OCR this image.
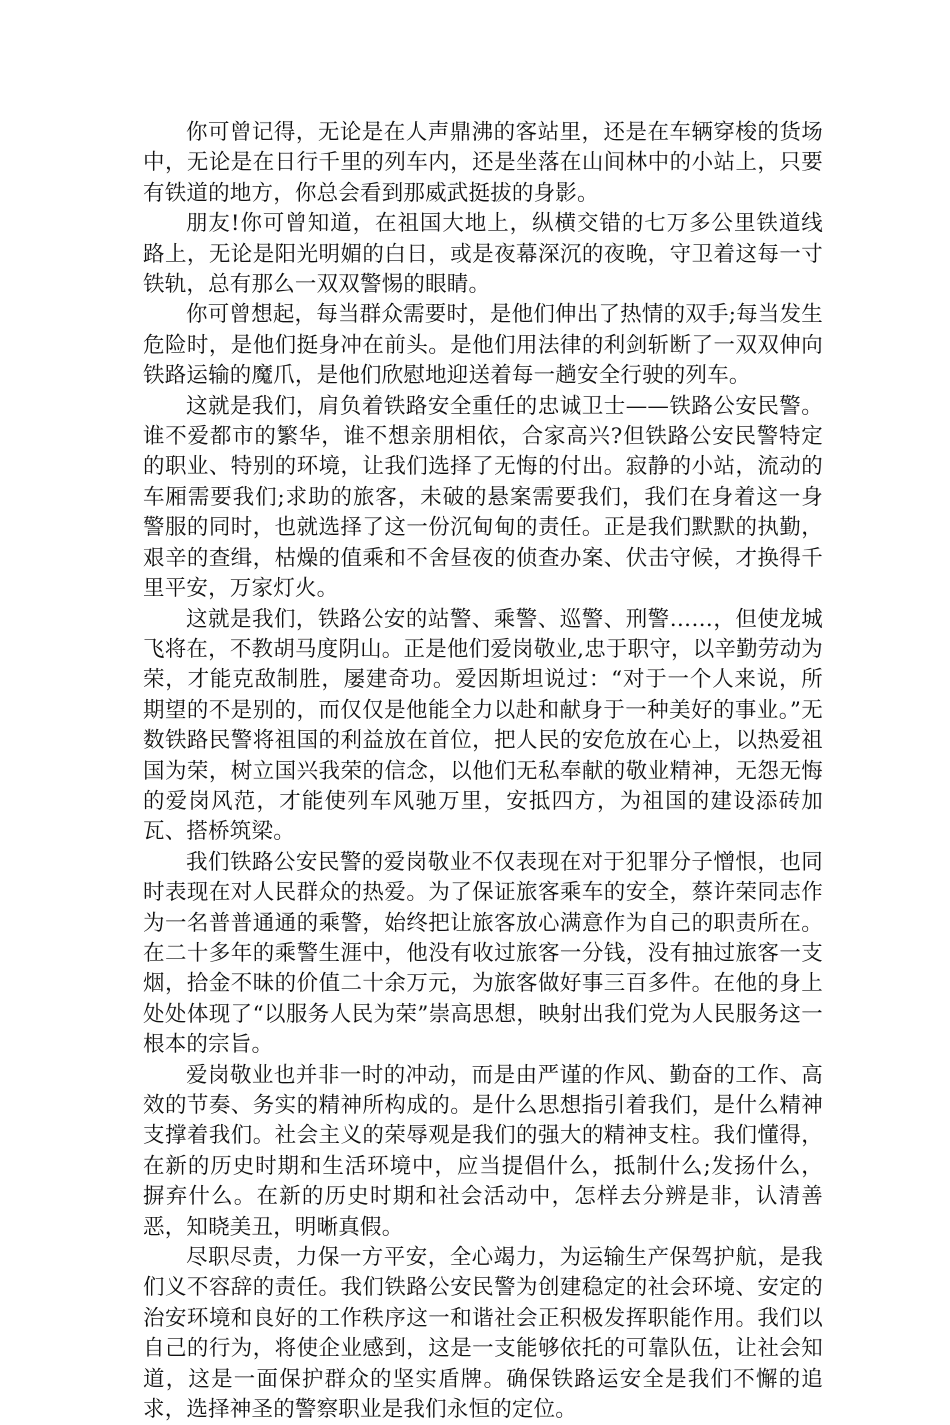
你可曾记得，无论是在人声鼎沸的客站里，还是在车辆穿梭的货场中，无论是在日行千里的列车内，还是坐落在山间林中的小站上，只要有铁道的地方，你总会看到那威武挺拔的身影。

朋友!你可曾知道，在祖国大地上，纵横交错的七万多公里铁道线路上，无论是阳光明媚的白日，或是夜幕深沉的夜晚，守卫着这每一寸铁轨，总有那么一双双警惕的眼睛。

你可曾想起，每当群众需要时，是他们伸出了热情的双手;每当发生危险时，是他们挺身冲在前头。是他们用法律的利剑斩断了一双双伸向铁路运输的魔爪，是他们欣慰地迎送着每一趟安全行驶的列车。

这就是我们，肩负着铁路安全重任的忠诚卫士——铁路公安民警。谁不爱都市的繁华，谁不想亲朋相依，合家高兴?但铁路公安民警特定的职业、特别的环境，让我们选择了无悔的付出。寂静的小站，流动的车厢需要我们;求助的旅客，未破的悬案需要我们，我们在身着这一身警服的同时，也就选择了这一份沉甸甸的责任。正是我们默默的执勤，艰辛的查缉，枯燥的值乘和不舍昼夜的侦查办案、伏击守候，才换得千里平安，万家灯火。

这就是我们，铁路公安的站警、乘警、巡警、刑警……，但使龙城飞将在，不教胡马度阴山。正是他们爱岗敬业,忠于职守，以辛勤劳动为荣，才能克敌制胜，屡建奇功。爱因斯坦说过：“对于一个人来说，所期望的不是别的，而仅仅是他能全力以赴和献身于一种美好的事业。”无数铁路民警将祖国的利益放在首位，把人民的安危放在心上，以热爱祖国为荣，树立国兴我荣的信念，以他们无私奉献的敬业精神，无怨无悔的爱岗风范，才能使列车风驰万里，安抵四方，为祖国的建设添砖加瓦、搭桥筑梁。

我们铁路公安民警的爱岗敬业不仅表现在对于犯罪分子憎恨，也同时表现在对人民群众的热爱。为了保证旅客乘车的安全，蔡许荣同志作为一名普普通通的乘警，始终把让旅客放心满意作为自己的职责所在。在二十多年的乘警生涯中，他没有收过旅客一分钱，没有抽过旅客一支烟，拾金不昧的价值二十余万元，为旅客做好事三百多件。在他的身上处处体现了“以服务人民为荣”崇高思想，映射出我们党为人民服务这一根本的宗旨。

爱岗敬业也并非一时的冲动，而是由严谨的作风、勤奋的工作、高效的节奏、务实的精神所构成的。是什么思想指引着我们，是什么精神支撑着我们。社会主义的荣辱观是我们的强大的精神支柱。我们懂得，在新的历史时期和生活环境中，应当提倡什么，抵制什么;发扬什么，摒弃什么。在新的历史时期和社会活动中，怎样去分辨是非，认清善恶，知晓美丑，明晰真假。

尽职尽责，力保一方平安，全心竭力，为运输生产保驾护航，是我们义不容辞的责任。我们铁路公安民警为创建稳定的社会环境、安定的治安环境和良好的工作秩序这一和谐社会正积极发挥职能作用。我们以自己的行为，将使企业感到，这是一支能够依托的可靠队伍，让社会知道，这是一面保护群众的坚实盾牌。确保铁路运安全是我们不懈的追求，选择神圣的警察职业是我们永恒的定位。
